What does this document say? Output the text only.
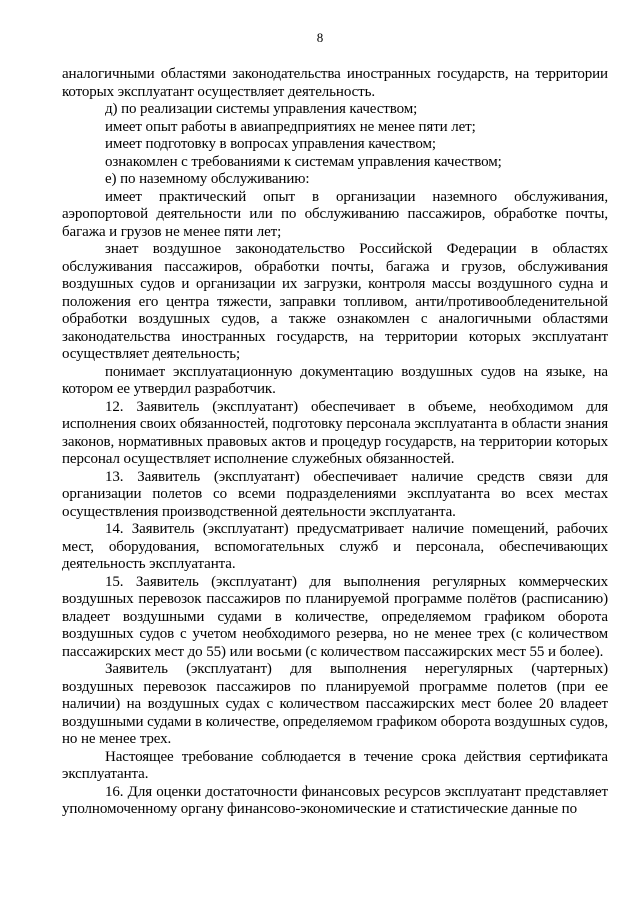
8

аналогичными областями законодательства иностранных государств, на территории которых эксплуатант осуществляет деятельность.

д) по реализации системы управления качеством;

имеет опыт работы в авиапредприятиях не менее пяти лет;

имеет подготовку в вопросах управления качеством;

ознакомлен с требованиями к системам управления качеством;

е) по наземному обслуживанию:

имеет практический опыт в организации наземного обслуживания, аэропортовой деятельности или по обслуживанию пассажиров, обработке почты, багажа и грузов не менее пяти лет;

знает воздушное законодательство Российской Федерации в областях обслуживания пассажиров, обработки почты, багажа и грузов, обслуживания воздушных судов и организации их загрузки, контроля массы воздушного судна и положения его центра тяжести, заправки топливом, анти/противообледенительной обработки воздушных судов, а также ознакомлен с аналогичными областями законодательства иностранных государств, на территории которых эксплуатант осуществляет деятельность;

понимает эксплуатационную документацию воздушных судов на языке, на котором ее утвердил разработчик.

12. Заявитель (эксплуатант) обеспечивает в объеме, необходимом для исполнения своих обязанностей, подготовку персонала эксплуатанта в области знания законов, нормативных правовых актов и процедур государств, на территории которых персонал осуществляет исполнение служебных обязанностей.

13. Заявитель (эксплуатант) обеспечивает наличие средств связи для организации полетов со всеми подразделениями эксплуатанта во всех местах осуществления производственной деятельности эксплуатанта.

14. Заявитель (эксплуатант) предусматривает наличие помещений, рабочих мест, оборудования, вспомогательных служб и персонала, обеспечивающих деятельность эксплуатанта.

15. Заявитель (эксплуатант) для выполнения регулярных коммерческих воздушных перевозок пассажиров по планируемой программе полётов (расписанию) владеет воздушными судами в количестве, определяемом графиком оборота воздушных судов с учетом необходимого резерва, но не менее трех (с количеством пассажирских мест до 55) или восьми (с количеством пассажирских мест 55 и более).

Заявитель (эксплуатант) для выполнения нерегулярных (чартерных) воздушных перевозок пассажиров по планируемой программе полетов (при ее наличии) на воздушных судах с количеством пассажирских мест более 20 владеет воздушными судами в количестве, определяемом графиком оборота воздушных судов, но не менее трех.

Настоящее требование соблюдается в течение срока действия сертификата эксплуатанта.

16. Для оценки достаточности финансовых ресурсов эксплуатант представляет уполномоченному органу финансово-экономические и статистические данные по
